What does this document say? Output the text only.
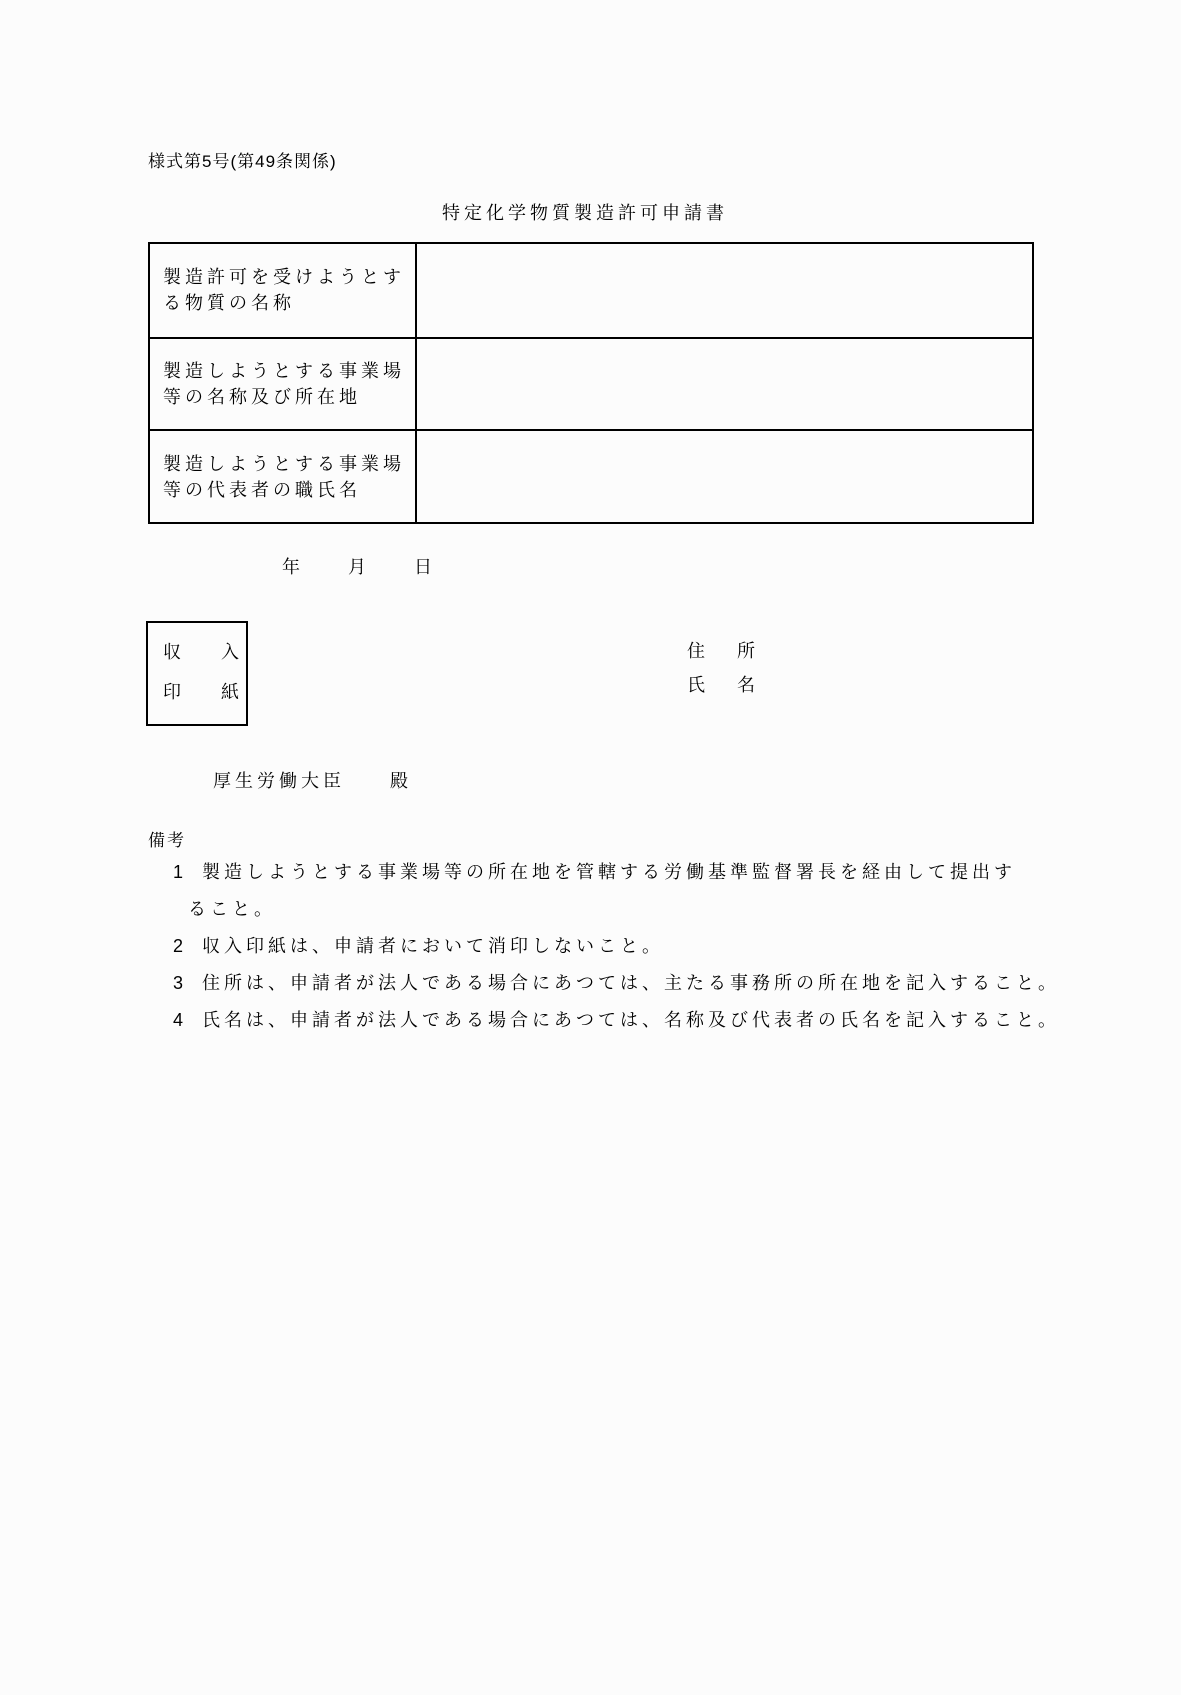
様式第5号(第49条関係)
特定化学物質製造許可申請書
製造許可を受けようとす
る物質の名称
製造しようとする事業場
等の名称及び所在地
製造しようとする事業場
等の代表者の職氏名
年　　月　　日
収　入
印　紙
住　所
氏　名
厚生労働大臣	殿
備考
1 製造しようとする事業場等の所在地を管轄する労働基準監督署長を経由して提出す
ること。
2 収入印紙は、申請者において消印しないこと。
3 住所は、申請者が法人である場合にあつては、主たる事務所の所在地を記入すること。
4 氏名は、申請者が法人である場合にあつては、名称及び代表者の氏名を記入すること。
